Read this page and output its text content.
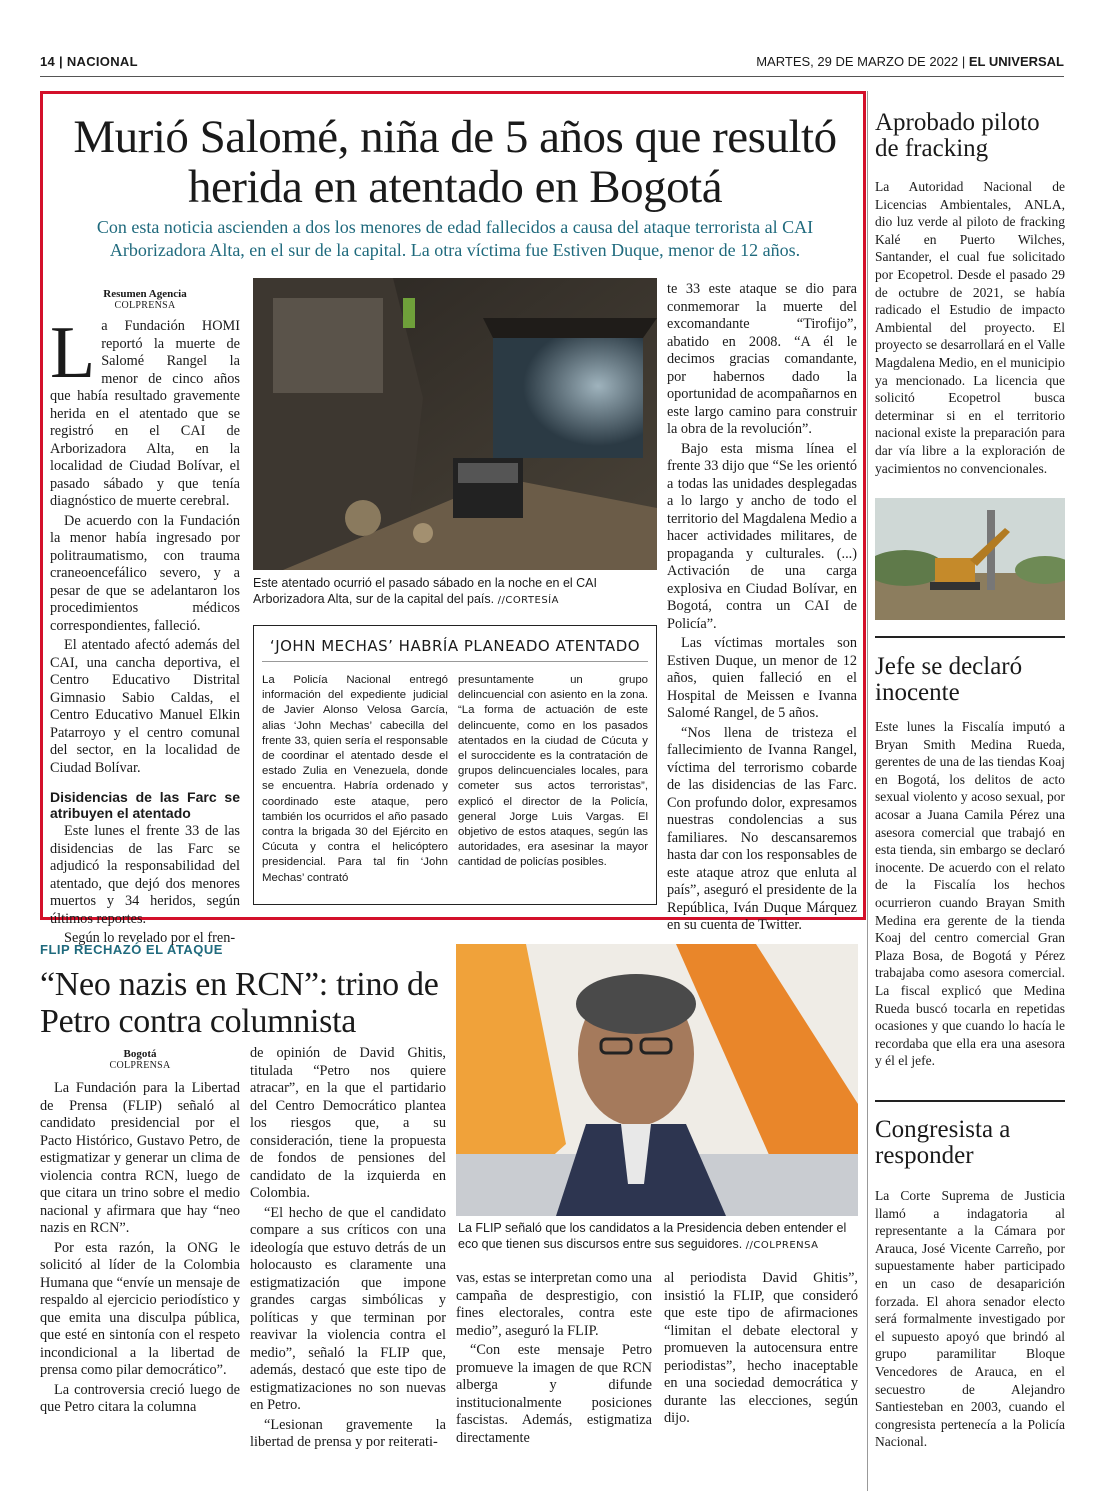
14 | NACIONAL	MARTES, 29 DE MARZO DE 2022 | EL UNIVERSAL
Murió Salomé, niña de 5 años que resultó herida en atentado en Bogotá
Con esta noticia ascienden a dos los menores de edad fallecidos a causa del ataque terrorista al CAI Arborizadora Alta, en el sur de la capital. La otra víctima fue Estiven Duque, menor de 12 años.
Resumen Agencia
COLPRENSA
L a Fundación HOMI reportó la muerte de Salomé Rangel la menor de cinco años que había resultado gravemente herida en el atentado que se registró en el CAI de Arborizadora Alta, en la localidad de Ciudad Bolívar, el pasado sábado y que tenía diagnóstico de muerte cerebral.

De acuerdo con la Fundación la menor había ingresado por politraumatismo, con trauma craneoencefálico severo, y a pesar de que se adelantaron los procedimientos médicos correspondientes, falleció.

El atentado afectó además del CAI, una cancha deportiva, el Centro Educativo Distrital Gimnasio Sabio Caldas, el Centro Educativo Manuel Elkin Patarroyo y el centro comunal del sector, en la localidad de Ciudad Bolívar.

Disidencias de las Farc se atribuyen el atentado

Este lunes el frente 33 de las disidencias de las Farc se adjudicó la responsabilidad del atentado, que dejó dos menores muertos y 34 heridos, según últimos reportes.

Según lo revelado por el fren-

Este atentado ocurrió el pasado sábado en la noche en el CAI Arborizadora Alta, sur de la capital del país. //CORTESÍA
‘JOHN MECHAS’ HABRÍA PLANEADO ATENTADO
La Policía Nacional entregó información del expediente judicial de Javier Alonso Velosa García, alias ‘John Mechas’ cabecilla del frente 33, quien sería el responsable de coordinar el atentado desde el estado Zulia en Venezuela, donde se encuentra. Habría ordenado y coordinado este ataque, pero también los ocurridos el año pasado contra la brigada 30 del Ejército en Cúcuta y contra el helicóptero presidencial. Para tal fin ‘John Mechas’ contrató
presuntamente un grupo delincuencial con asiento en la zona. “La forma de actuación de este delincuente, como en los pasados atentados en la ciudad de Cúcuta y el suroccidente es la contratación de grupos delincuenciales locales, para cometer sus actos terroristas”, explicó el director de la Policía, general Jorge Luis Vargas. El objetivo de estos ataques, según las autoridades, era asesinar la mayor cantidad de policías posibles.

te 33 este ataque se dio para conmemorar la muerte del excomandante “Tirofijo”, abatido en 2008. “A él le decimos gracias comandante, por habernos dado la oportunidad de acompañarnos en este largo camino para construir la obra de la revolución”.

Bajo esta misma línea el frente 33 dijo que “Se les orientó a todas las unidades desplegadas a lo largo y ancho de todo el territorio del Magdalena Medio a hacer actividades militares, de propaganda y culturales. (...) Activación de una carga explosiva en Ciudad Bolívar, en Bogotá, contra un CAI de Policía”.

Las víctimas mortales son Estiven Duque, un menor de 12 años, quien falleció en el Hospital de Meissen e Ivanna Salomé Rangel, de 5 años.

“Nos llena de tristeza el fallecimiento de Ivanna Rangel, víctima del terrorismo cobarde de las disidencias de las Farc. Con profundo dolor, expresamos nuestras condolencias a sus familiares. No descansaremos hasta dar con los responsables de este ataque atroz que enluta al país”, aseguró el presidente de la República, Iván Duque Márquez en su cuenta de Twitter.

Aprobado piloto de fracking
La Autoridad Nacional de Licencias Ambientales, ANLA, dio luz verde al piloto de fracking Kalé en Puerto Wilches, Santander, el cual fue solicitado por Ecopetrol. Desde el pasado 29 de octubre de 2021, se había radicado el Estudio de impacto Ambiental del proyecto. El proyecto se desarrollará en el Valle Magdalena Medio, en el municipio ya mencionado. La licencia que solicitó Ecopetrol busca determinar si en el territorio nacional existe la preparación para dar vía libre a la exploración de yacimientos no convencionales.
Jefe se declaró inocente
Este lunes la Fiscalía imputó a Bryan Smith Medina Rueda, gerentes de una de las tiendas Koaj en Bogotá, los delitos de acto sexual violento y acoso sexual, por acosar a Juana Camila Pérez una asesora comercial que trabajó en esta tienda, sin embargo se declaró inocente. De acuerdo con el relato de la Fiscalía los hechos ocurrieron cuando Brayan Smith Medina era gerente de la tienda Koaj del centro comercial Gran Plaza Bosa, de Bogotá y Pérez trabajaba como asesora comercial. La fiscal explicó que Medina Rueda buscó tocarla en repetidas ocasiones y que cuando lo hacía le recordaba que ella era una asesora y él el jefe.
Congresista a responder
La Corte Suprema de Justicia llamó a indagatoria al representante a la Cámara por Arauca, José Vicente Carreño, por supuestamente haber participado en un caso de desaparición forzada. El ahora senador electo será formalmente investigado por el supuesto apoyó que brindó al grupo paramilitar Bloque Vencedores de Arauca, en el secuestro de Alejandro Santiesteban en 2003, cuando el congresista pertenecía a la Policía Nacional.
FLIP RECHAZÓ EL ATAQUE
“Neo nazis en RCN”: trino de Petro contra columnista
Bogotá
COLPRENSA

La Fundación para la Libertad de Prensa (FLIP) señaló al candidato presidencial por el Pacto Histórico, Gustavo Petro, de estigmatizar y generar un clima de violencia contra RCN, luego de que citara un trino sobre el medio nacional y afirmara que hay “neo nazis en RCN”.

Por esta razón, la ONG le solicitó al líder de la Colombia Humana que “envíe un mensaje de respaldo al ejercicio periodístico y que emita una disculpa pública, que esté en sintonía con el respeto incondicional a la libertad de prensa como pilar democrático”.

La controversia creció luego de que Petro citara la columna

de opinión de David Ghitis, titulada “Petro nos quiere atracar”, en la que el partidario del Centro Democrático plantea los riesgos que, a su consideración, tiene la propuesta de fondos de pensiones del candidato de la izquierda en Colombia.

“El hecho de que el candidato compare a sus críticos con una ideología que estuvo detrás de un holocausto es claramente una estigmatización que impone grandes cargas simbólicas y políticas y que terminan por reavivar la violencia contra el medio”, señaló la FLIP que, además, destacó que este tipo de estigmatizaciones no son nuevas en Petro.

“Lesionan gravemente la libertad de prensa y por reiterati-

La FLIP señaló que los candidatos a la Presidencia deben entender el eco que tienen sus discursos entre sus seguidores. //COLPRENSA

vas, estas se interpretan como una campaña de desprestigio, con fines electorales, contra este medio”, aseguró la FLIP.

“Con este mensaje Petro promueve la imagen de que RCN alberga y difunde institucionalmente posiciones fascistas. Además, estigmatiza directamente

al periodista David Ghitis”, insistió la FLIP, que consideró que este tipo de afirmaciones “limitan el debate electoral y promueven la autocensura entre periodistas”, hecho inaceptable en una sociedad democrática y durante las elecciones, según dijo.
